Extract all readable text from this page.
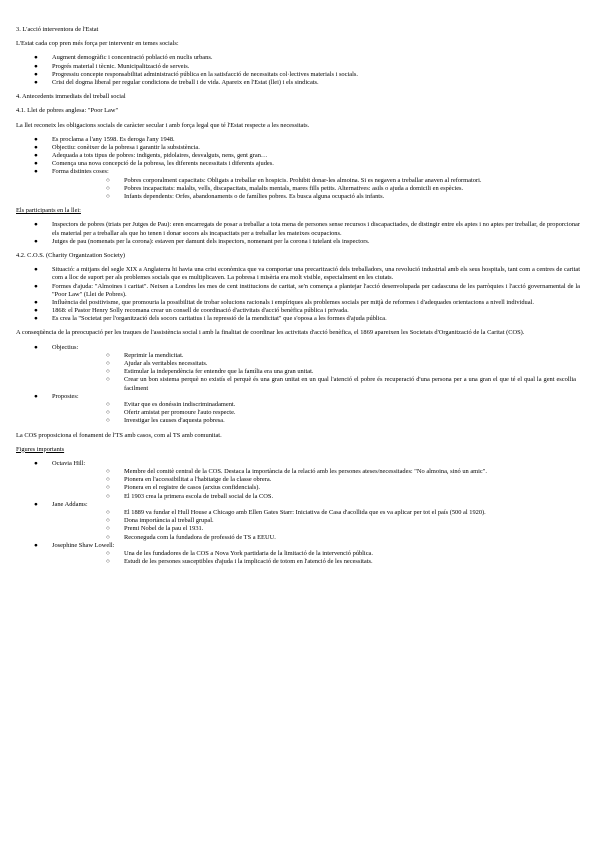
3. L'acció interventora de l'Estat

L'Estat cada cop pren més força per intervenir en temes socials:

● Augment demogràfic i concentració població en nuclis urbans.
● Progrés material i tècnic. Municipalització de serveis.
● Progressiu concepte responsabilitat administració pública en la satisfacció de necessitats col·lectives materials i socials.
● Crisi del dogma liberal per regular condicions de treball i de vida. Apareix en l'Estat (llei) i els sindicats.

4. Antecedents immediats del treball social

4.1. Llei de pobres anglesa: "Poor Law"

La llei reconeix les obligacions socials de caràcter secular i amb força legal que té l'Estat respecte a les necessitats.

● Es proclama a l'any 1598. Es deroga l'any 1948.
● Objectiu: conèixer de la pobresa i garantir la subsistència.
● Adequada a tots tipus de pobres: indigents, pidolaires, desvalguts, nens, gent gran…
● Comença una nova concepció de la pobresa, les diferents necessitats i diferents ajudes.
● Forma distintes coses:
○ Pobres corporalment capacitats: Obligats a treballar en hospicis. Prohibit donar-les almoina. Si es negaven a treballar anaven al reformatori.
○ Pobres incapacitats: malalts, vells, discapacitats, malalts mentals, mares fills petits. Alternatives: asils o ajuda a domicili en espècies.
○ Infants dependents: Orfes, abandonaments o de famílies pobres. Es busca alguna ocupació als infants.

Els participants en la llei:

● Inspectors de pobres (triats per Jutges de Pau): eren encarregats de posar a treballar a tota mena de persones sense recursos i discapacitades, de distingir entre els aptes i no aptes per treballar, de proporcionar els material per a treballar als que ho tenen i donar socors als incapacitats per a treballar les mateixes ocupacions.
● Jutges de pau (nomenats per la corona): estaven per damunt dels inspectors, nomenant per la corona i tutelant els inspectors.

4.2. C.O.S. (Charity Organization Society)

● Situació: a mitjans del segle XIX a Anglaterra hi havia una crisi econòmica que va comportar una precarització dels treballadors, una revolució industrial amb els seus hospitals, tant com a centres de caritat com a lloc de suport per als problemes socials que es multiplicaven. La pobresa i misèria era molt visible, especialment en les ciutats.
● Formes d'ajuda: "Almoines i caritat". Neixen a Londres les mes de cent institucions de caritat, se'n comença a plantejar l'acció desenvolupada per cadascuna de les parròquies i l'acció governamental de la "Poor Law" (Llei de Pobres).
● Influència del positivisme, que promouria la possibilitat de trobar solucions racionals i empíriques als problemes socials per mitjà de reformes i d'adequades orientacions a nivell individual.
● 1868: el Pastor Henry Solly recomana crear un consell de coordinació d'activitats d'acció benèfica pública i privada.
● Es crea la "Societat per l'organització dels socors caritatius i la repressió de la mendicitat" que s'oposa a les formes d'ajuda pública.

A conseqüència de la preocupació per les traques de l'assistència social i amb la finalitat de coordinar les activitats d'acció benèfica, el 1869 apareixen les Societats d'Organització de la Caritat (COS).

● Objectius:
○ Reprimir la mendicitat.
○ Ajudar als veritables necessitats.
○ Estimular la independència fer entendre que la família era una gran unitat.
○ Crear un bon sistema perquè no existís el perquè és una gran unitat en un qual l'atenció el pobre és recuperació d'una persona per a una gran el que té el qual la gent escollia facilment
● Propostes:
○ Evitar que es donéssin indiscriminadament.
○ Oferir amistat per promoure l'auto respecte.
○ Investigar les causes d'aquesta pobresa.

La COS proposiciona el fonament de l'TS amb casos, com al TS amb comunitat.

Figures importants

● Octavia Hill:
○ Membre del comitè central de la COS. Destaca la importància de la relació amb les persones ateses/necessitades: "No almoina, sinó un amic".
○ Pionera en l'accessibilitat a l'habitatge de la classe obrera.
○ Pionera en el registre de casos (arxius confidencials).
○ El 1903 crea la primera escola de treball social de la COS.
● Jane Addams:
○ El 1889 va fundar el Hull House a Chicago amb Ellen Gates Starr: Iniciativa de Casa d'acollida que es va aplicar per tot el país (500 al 1920).
○ Dona importància al treball grupal.
○ Premi Nobel de la pau el 1931.
○ Reconeguda com la fundadora de professió de TS a EEUU.
● Josephine Shaw Lowell:
○ Una de les fundadores de la COS a Nova York partidaria de la limitació de la intervenció pública.
○ Estudi de les persones susceptibles d'ajuda i la implicació de totom en l'atenció de les necessitats.
